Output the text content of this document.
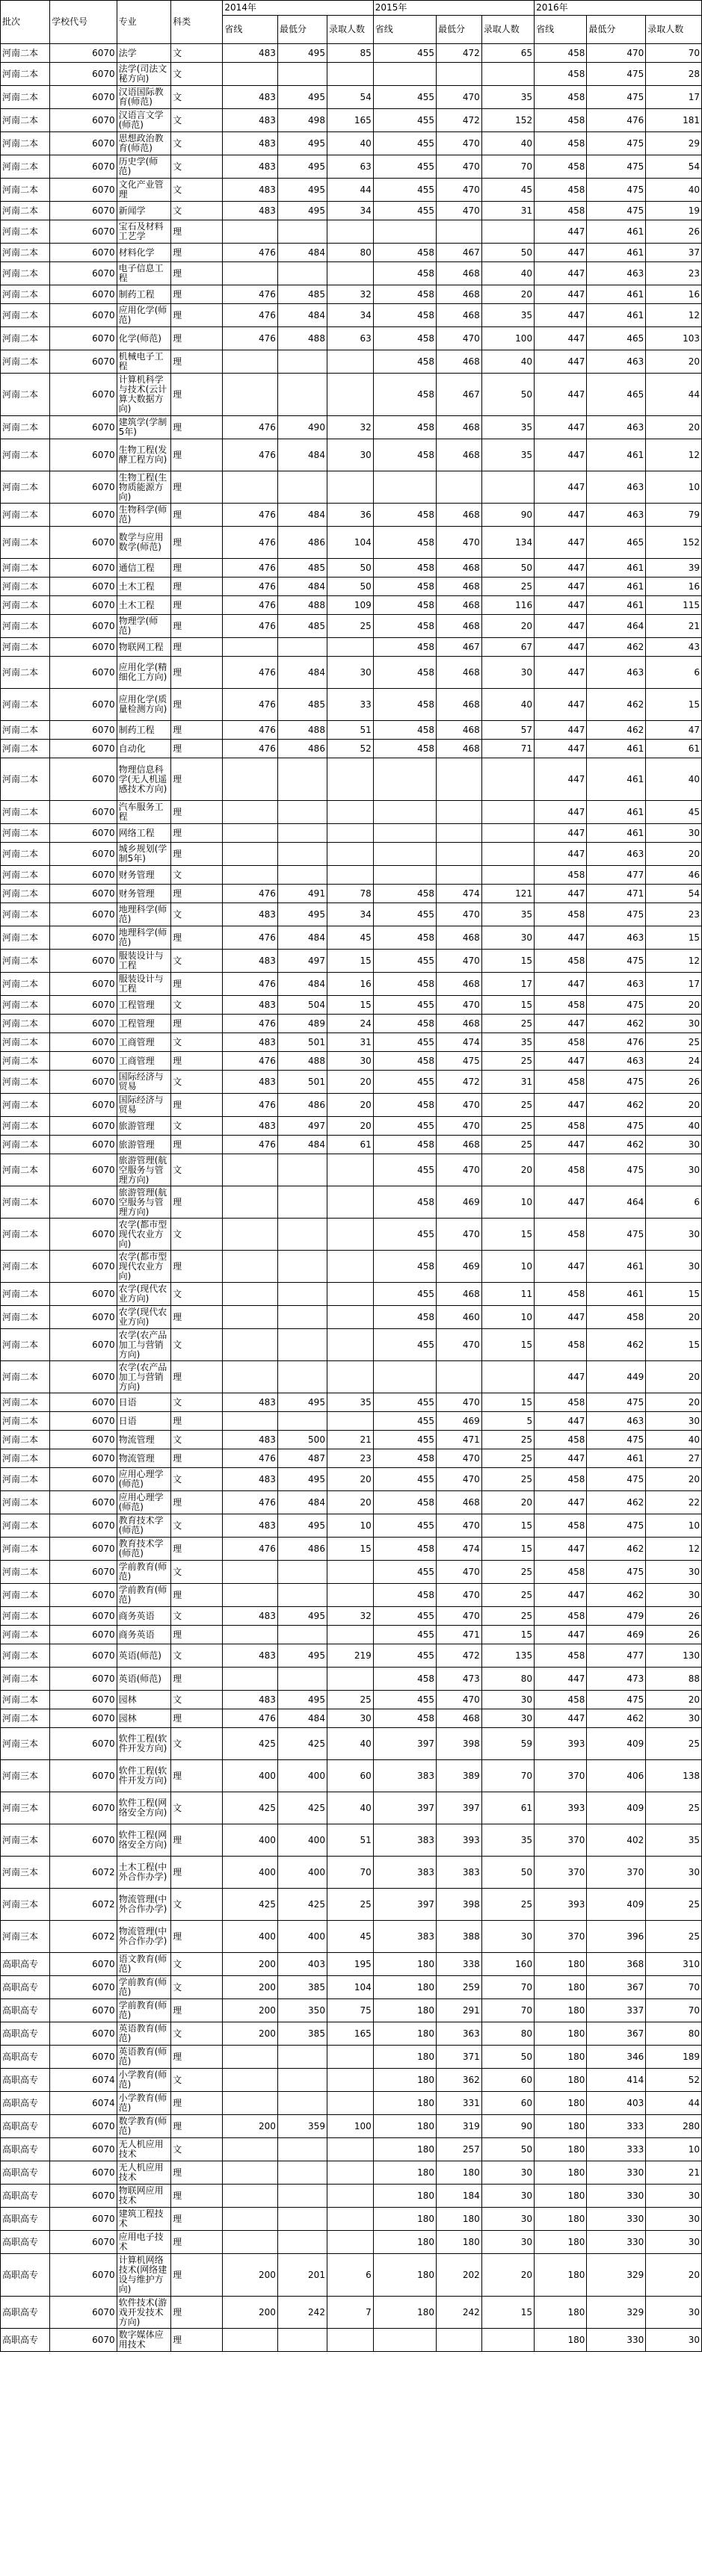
批次	学校代号	专业	科类	2014年			2015年			2016年		
				省线	最低分	录取人数	省线	最低分	录取人数	省线	最低分	录取人数
河南二本	6070	法学	文	483	495	85	455	472	65	458	470	70
河南二本	6070	法学(司法文秘方向)	文							458	475	28
河南二本	6070	汉语国际教育(师范)	文	483	495	54	455	470	35	458	475	17
河南二本	6070	汉语言文学(师范)	文	483	498	165	455	472	152	458	476	181
河南二本	6070	思想政治教育(师范)	文	483	495	40	455	470	40	458	475	29
河南二本	6070	历史学(师范)	文	483	495	63	455	470	70	458	475	54
河南二本	6070	文化产业管理	文	483	495	44	455	470	45	458	475	40
河南二本	6070	新闻学	文	483	495	34	455	470	31	458	475	19
河南二本	6070	宝石及材料工艺学	理							447	461	26
河南二本	6070	材料化学	理	476	484	80	458	467	50	447	461	37
河南二本	6070	电子信息工程	理				458	468	40	447	463	23
河南二本	6070	制药工程	理	476	485	32	458	468	20	447	461	16
河南二本	6070	应用化学(师范)	理	476	484	34	458	468	35	447	461	12
河南二本	6070	化学(师范)	理	476	488	63	458	470	100	447	465	103
河南二本	6070	机械电子工程	理				458	468	40	447	463	20
河南二本	6070	计算机科学与技术(云计算大数据方向)	理				458	467	50	447	465	44
河南二本	6070	建筑学(学制5年)	理	476	490	32	458	468	35	447	463	20
河南二本	6070	生物工程(发酵工程方向)	理	476	484	30	458	468	35	447	461	12
河南二本	6070	生物工程(生物质能源方向)	理							447	463	10
河南二本	6070	生物科学(师范)	理	476	484	36	458	468	90	447	463	79
河南二本	6070	数学与应用数学(师范)	理	476	486	104	458	470	134	447	465	152
河南二本	6070	通信工程	理	476	485	50	458	468	50	447	461	39
河南二本	6070	土木工程	理	476	484	50	458	468	25	447	461	16
河南二本	6070	土木工程	理	476	488	109	458	468	116	447	461	115
河南二本	6070	物理学(师范)	理	476	485	25	458	468	20	447	464	21
河南二本	6070	物联网工程	理				458	467	67	447	462	43
河南二本	6070	应用化学(精细化工方向)	理	476	484	30	458	468	30	447	463	6
河南二本	6070	应用化学(质量检测方向)	理	476	485	33	458	468	40	447	462	15
河南二本	6070	制药工程	理	476	488	51	458	468	57	447	462	47
河南二本	6070	自动化	理	476	486	52	458	468	71	447	461	61
河南二本	6070	物理信息科学(无人机遥感技术方向)	理							447	461	40
河南二本	6070	汽车服务工程	理							447	461	45
河南二本	6070	网络工程	理							447	461	30
河南二本	6070	城乡规划(学制5年)	理							447	463	20
河南二本	6070	财务管理	文							458	477	46
河南二本	6070	财务管理	理	476	491	78	458	474	121	447	471	54
河南二本	6070	地理科学(师范)	文	483	495	34	455	470	35	458	475	23
河南二本	6070	地理科学(师范)	理	476	484	45	458	468	30	447	463	15
河南二本	6070	服装设计与工程	文	483	497	15	455	470	15	458	475	12
河南二本	6070	服装设计与工程	理	476	484	16	458	468	17	447	463	17
河南二本	6070	工程管理	文	483	504	15	455	470	15	458	475	20
河南二本	6070	工程管理	理	476	489	24	458	468	25	447	462	30
河南二本	6070	工商管理	文	483	501	31	455	474	35	458	476	25
河南二本	6070	工商管理	理	476	488	30	458	475	25	447	463	24
河南二本	6070	国际经济与贸易	文	483	501	20	455	472	31	458	475	26
河南二本	6070	国际经济与贸易	理	476	486	20	458	470	25	447	462	20
河南二本	6070	旅游管理	文	483	497	20	455	470	25	458	475	40
河南二本	6070	旅游管理	理	476	484	61	458	468	25	447	462	30
河南二本	6070	旅游管理(航空服务与管理方向)	文				455	470	20	458	475	30
河南二本	6070	旅游管理(航空服务与管理方向)	理				458	469	10	447	464	6
河南二本	6070	农学(都市型现代农业方向)	文				455	470	15	458	475	30
河南二本	6070	农学(都市型现代农业方向)	理				458	469	10	447	461	30
河南二本	6070	农学(现代农业方向)	文				455	468	11	458	461	15
河南二本	6070	农学(现代农业方向)	理				458	460	10	447	458	20
河南二本	6070	农学(农产品加工与营销方向)	文				455	470	15	458	462	15
河南二本	6070	农学(农产品加工与营销方向)	理							447	449	20
河南二本	6070	日语	文	483	495	35	455	470	15	458	475	20
河南二本	6070	日语	理				455	469	5	447	463	30
河南二本	6070	物流管理	文	483	500	21	455	471	25	458	475	40
河南二本	6070	物流管理	理	476	487	23	458	470	25	447	461	27
河南二本	6070	应用心理学(师范)	文	483	495	20	455	470	25	458	475	20
河南二本	6070	应用心理学(师范)	理	476	484	20	458	468	20	447	462	22
河南二本	6070	教育技术学(师范)	文	483	495	10	455	470	15	458	475	10
河南二本	6070	教育技术学(师范)	理	476	486	15	458	474	15	447	462	12
河南二本	6070	学前教育(师范)	文				455	470	25	458	475	30
河南二本	6070	学前教育(师范)	理				458	470	25	447	462	30
河南二本	6070	商务英语	文	483	495	32	455	470	25	458	479	26
河南二本	6070	商务英语	理				455	471	15	447	469	26
河南二本	6070	英语(师范)	文	483	495	219	455	472	135	458	477	130
河南二本	6070	英语(师范)	理				458	473	80	447	473	88
河南二本	6070	园林	文	483	495	25	455	470	30	458	475	20
河南二本	6070	园林	理	476	484	30	458	468	30	447	462	30
河南三本	6070	软件工程(软件开发方向)	文	425	425	40	397	398	59	393	409	25
河南三本	6070	软件工程(软件开发方向)	理	400	400	60	383	389	70	370	406	138
河南三本	6070	软件工程(网络安全方向)	文	425	425	40	397	397	61	393	409	25
河南三本	6070	软件工程(网络安全方向)	理	400	400	51	383	393	35	370	402	35
河南三本	6072	土木工程(中外合作办学)	理	400	400	70	383	383	50	370	370	30
河南三本	6072	物流管理(中外合作办学)	文	425	425	25	397	398	25	393	409	25
河南三本	6072	物流管理(中外合作办学)	理	400	400	45	383	388	30	370	396	25
高职高专	6070	语文教育(师范)	文	200	403	195	180	338	160	180	368	310
高职高专	6070	学前教育(师范)	文	200	385	104	180	259	70	180	367	70
高职高专	6070	学前教育(师范)	理	200	350	75	180	291	70	180	337	70
高职高专	6070	英语教育(师范)	文	200	385	165	180	363	80	180	367	80
高职高专	6070	英语教育(师范)	理				180	371	50	180	346	189
高职高专	6074	小学教育(师范)	文				180	362	60	180	414	52
高职高专	6074	小学教育(师范)	理				180	331	60	180	403	44
高职高专	6070	数学教育(师范)	理	200	359	100	180	319	90	180	333	280
高职高专	6070	无人机应用技术	文				180	257	50	180	333	10
高职高专	6070	无人机应用技术	理				180	180	30	180	330	21
高职高专	6070	物联网应用技术	理				180	184	30	180	330	30
高职高专	6070	建筑工程技术	理				180	180	30	180	330	30
高职高专	6070	应用电子技术	理				180	180	30	180	330	30
高职高专	6070	计算机网络技术(网络建设与维护方向)	理	200	201	6	180	202	20	180	329	20
高职高专	6070	软件技术(游戏开发技术方向)	理	200	242	7	180	242	15	180	329	30
高职高专	6070	数字媒体应用技术	理							180	330	30
